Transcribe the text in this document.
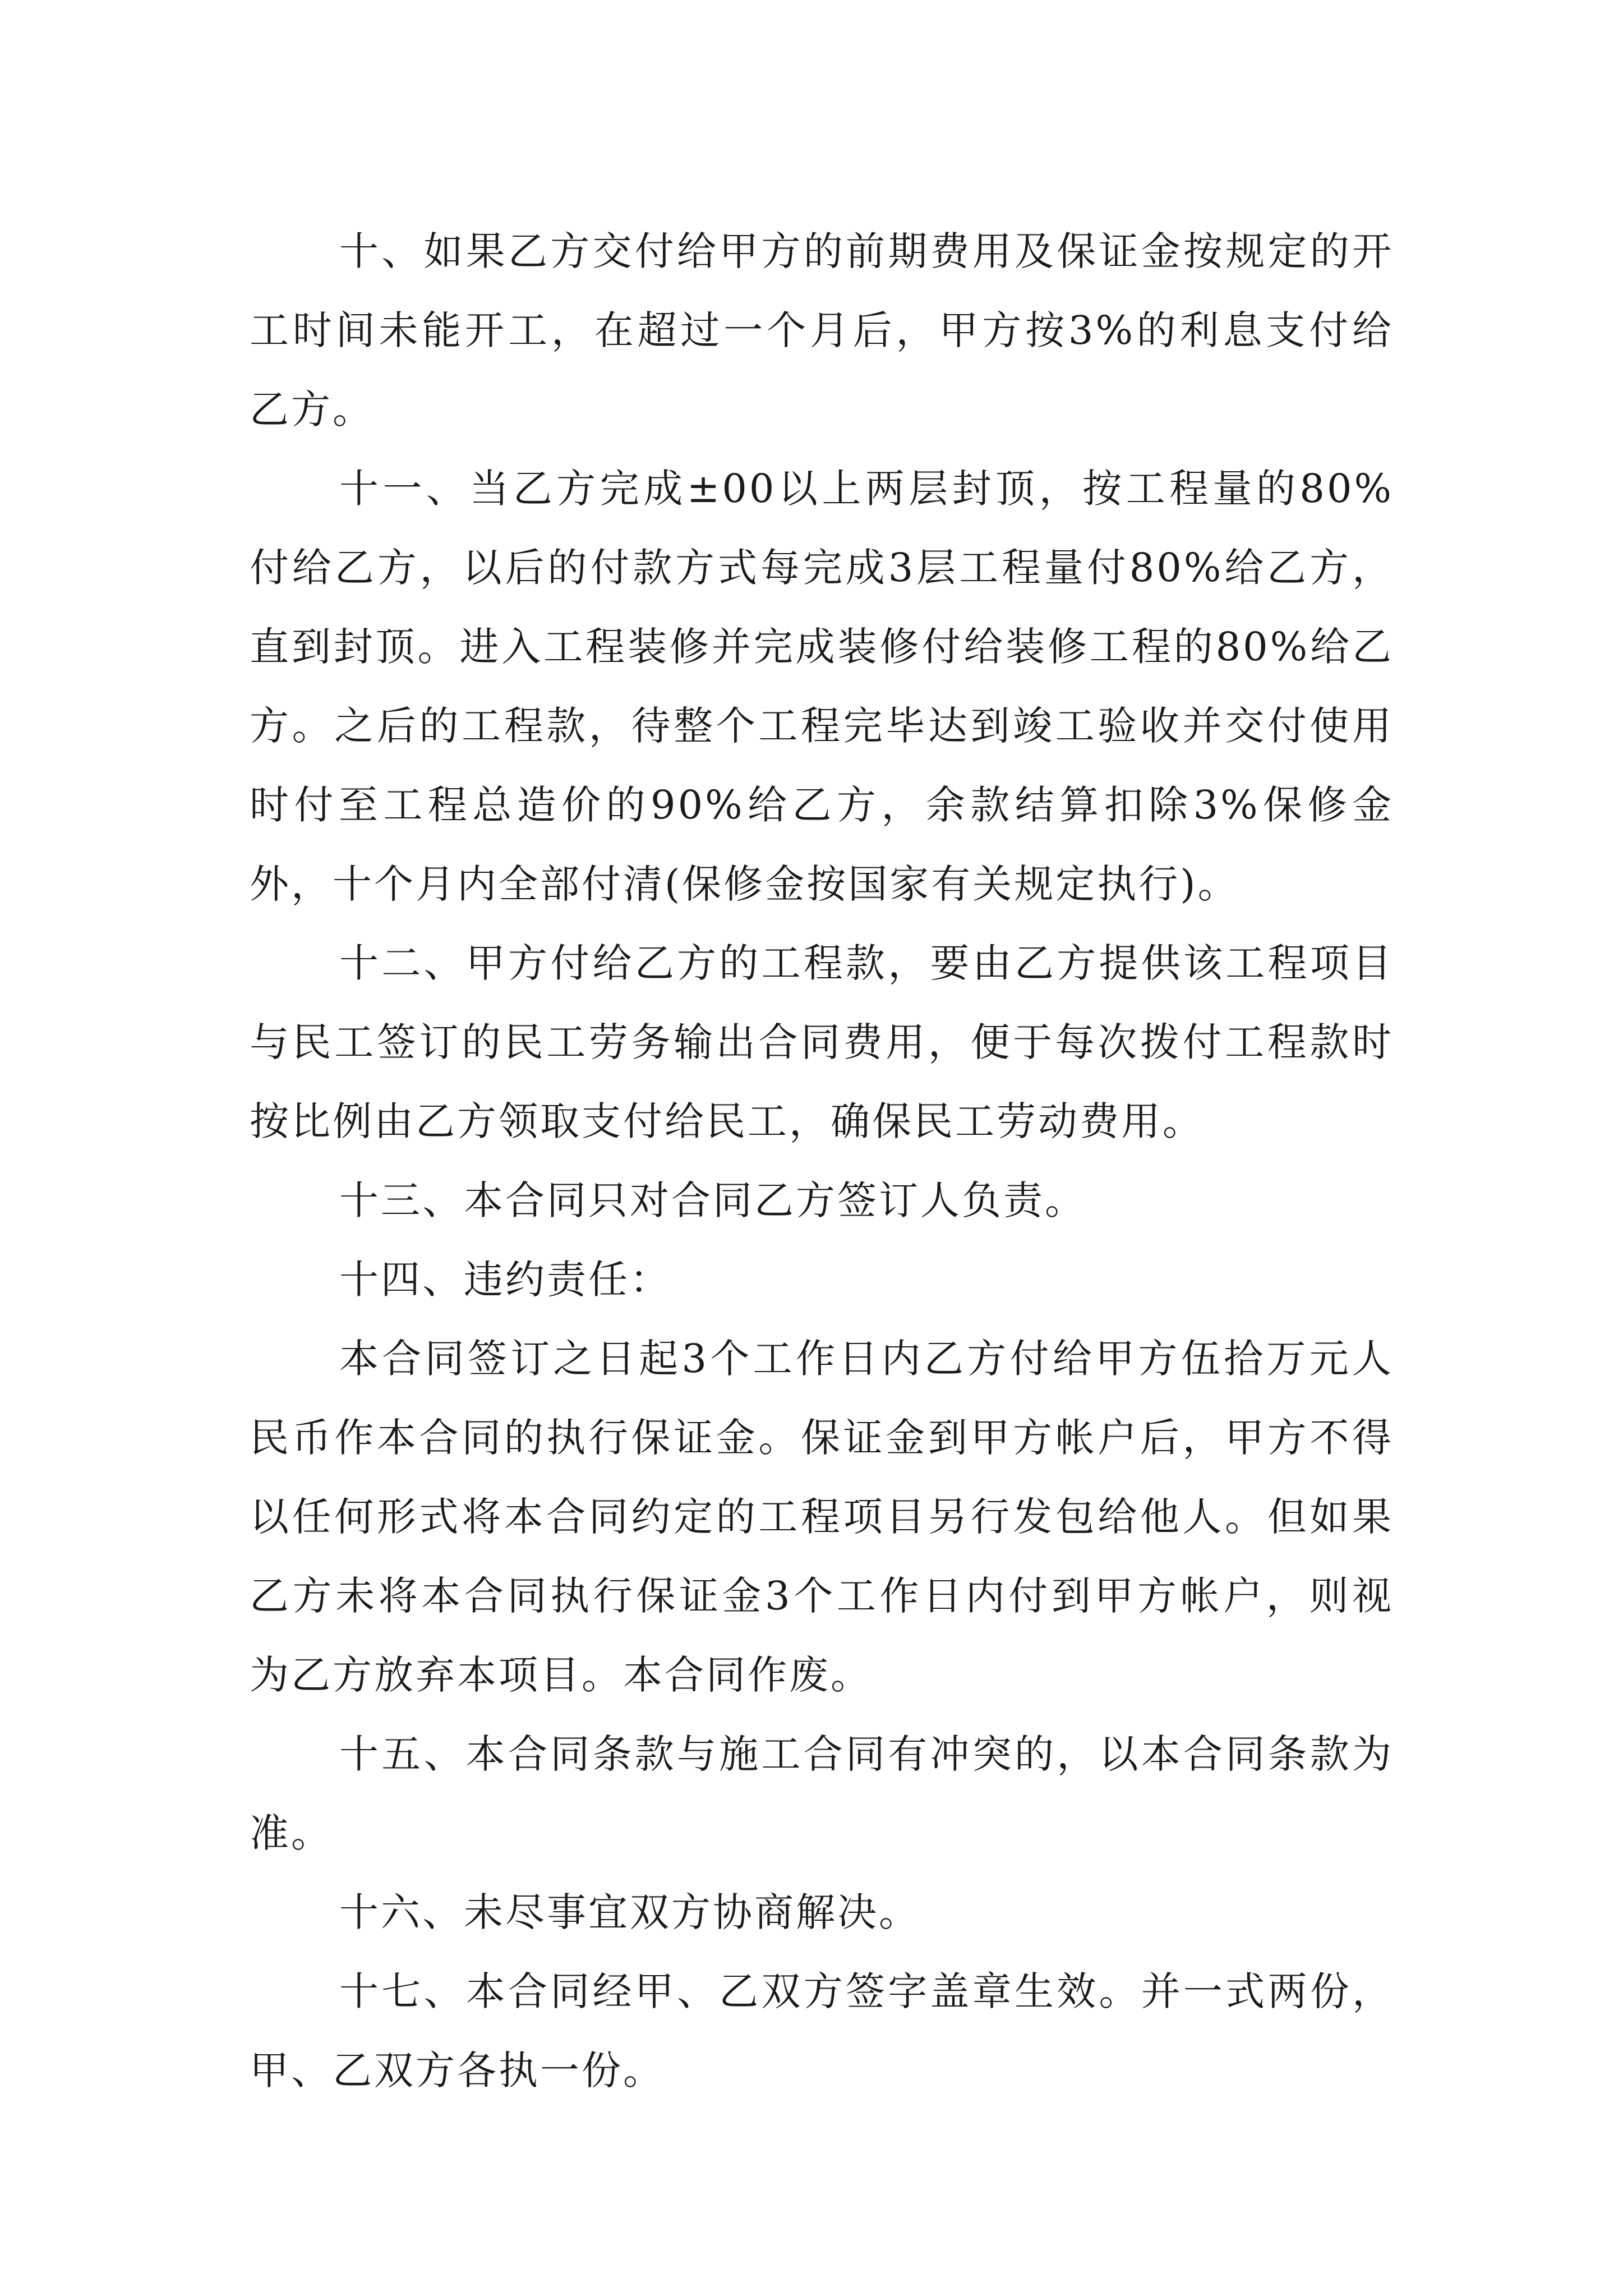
十、如果乙方交付给甲方的前期费用及保证金按规定的开工时间未能开工，在超过一个月后，甲方按3%的利息支付给乙方。

十一、当乙方完成±00以上两层封顶，按工程量的80%付给乙方，以后的付款方式每完成3层工程量付80%给乙方，直到封顶。进入工程装修并完成装修付给装修工程的80%给乙方。之后的工程款，待整个工程完毕达到竣工验收并交付使用时付至工程总造价的90%给乙方，余款结算扣除3%保修金外，十个月内全部付清(保修金按国家有关规定执行)。

十二、甲方付给乙方的工程款，要由乙方提供该工程项目与民工签订的民工劳务输出合同费用，便于每次拨付工程款时按比例由乙方领取支付给民工，确保民工劳动费用。

十三、本合同只对合同乙方签订人负责。

十四、违约责任：

本合同签订之日起3个工作日内乙方付给甲方伍拾万元人民币作本合同的执行保证金。保证金到甲方帐户后，甲方不得以任何形式将本合同约定的工程项目另行发包给他人。但如果乙方未将本合同执行保证金3个工作日内付到甲方帐户，则视为乙方放弃本项目。本合同作废。

十五、本合同条款与施工合同有冲突的，以本合同条款为准。

十六、未尽事宜双方协商解决。

十七、本合同经甲、乙双方签字盖章生效。并一式两份，甲、乙双方各执一份。
